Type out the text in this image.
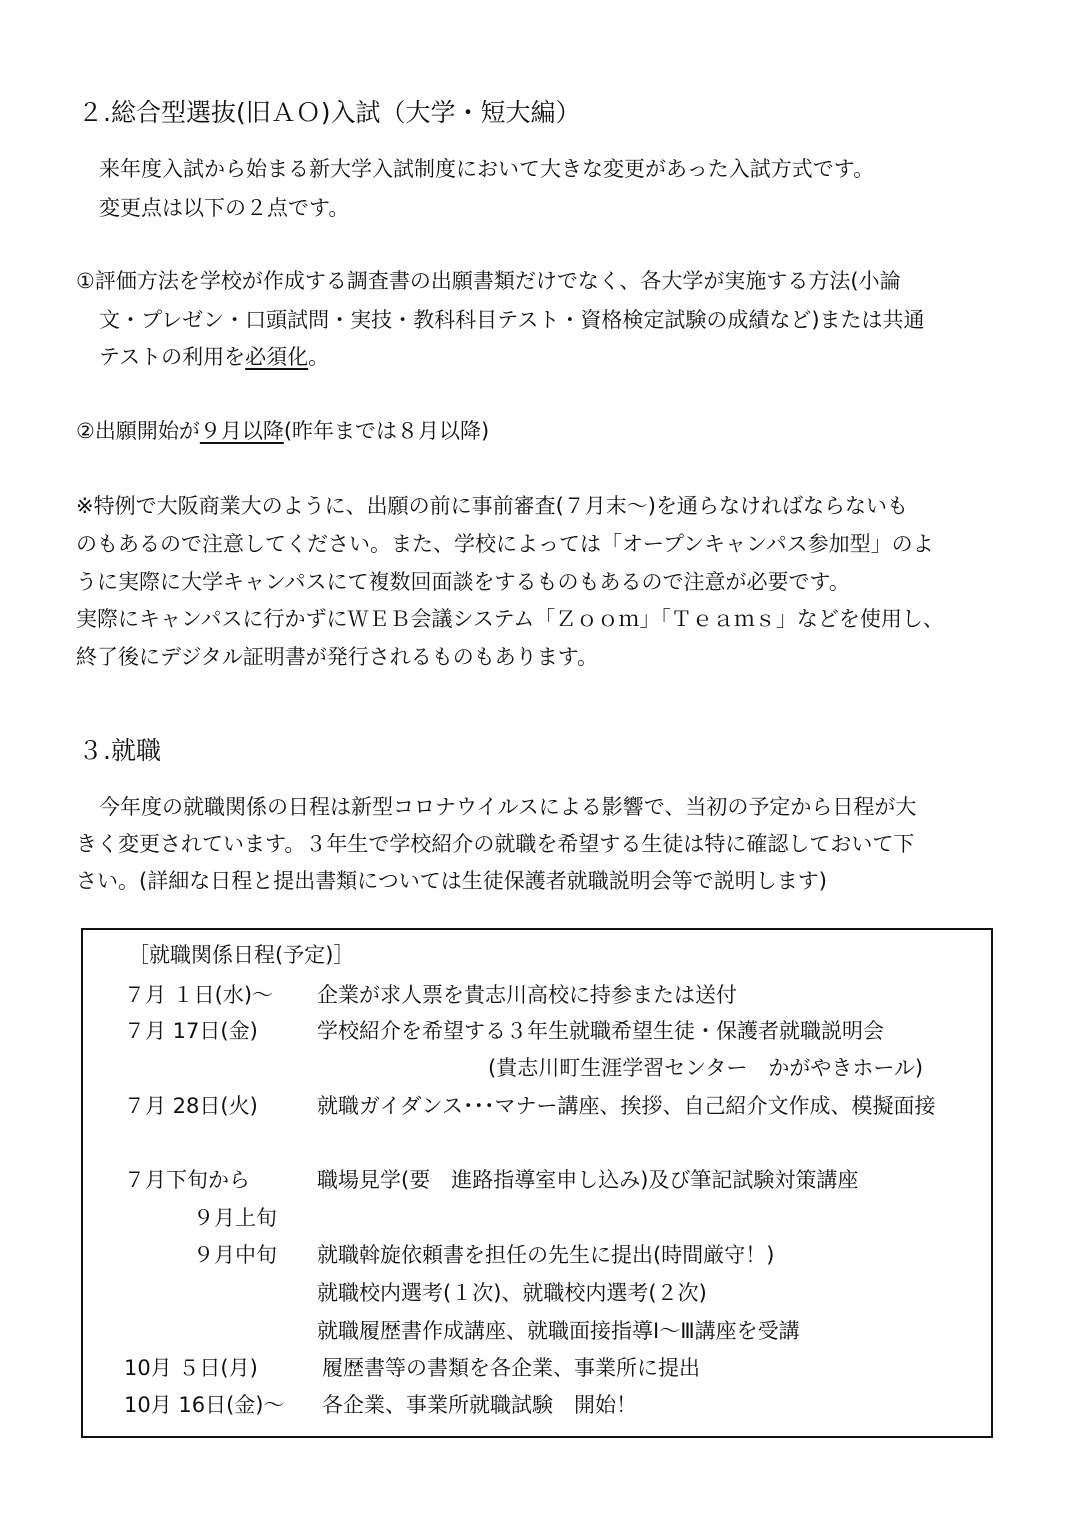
２.総合型選抜(旧ＡＯ)入試（大学・短大編）
来年度入試から始まる新大学入試制度において大きな変更があった入試方式です。
変更点は以下の２点です。
①評価方法を学校が作成する調査書の出願書類だけでなく、各大学が実施する方法(小論
文・プレゼン・口頭試問・実技・教科科目テスト・資格検定試験の成績など)または共通
テストの利用を必須化。
②出願開始が９月以降(昨年までは８月以降)
※特例で大阪商業大のように、出願の前に事前審査(７月末～)を通らなければならないも
のもあるので注意してください。また、学校によっては「オープンキャンパス参加型」のよ
うに実際に大学キャンパスにて複数回面談をするものもあるので注意が必要です。
実際にキャンパスに行かずにＷＥＢ会議システム「Ｚｏｏｍ」「Ｔｅａｍｓ」などを使用し、
終了後にデジタル証明書が発行されるものもあります。
３.就職
今年度の就職関係の日程は新型コロナウイルスによる影響で、当初の予定から日程が大
きく変更されています。３年生で学校紹介の就職を希望する生徒は特に確認しておいて下
さい。(詳細な日程と提出書類については生徒保護者就職説明会等で説明します)
［就職関係日程(予定)］
７月 １日(水)～ 企業が求人票を貴志川高校に持参または送付
７月 17日(金)	学校紹介を希望する３年生就職希望生徒・保護者就職説明会
(貴志川町生涯学習センター　かがやきホール)
７月 28日(火)	就職ガイダンス･･･マナー講座、挨拶、自己紹介文作成、模擬面接
７月下旬から	職場見学(要　進路指導室申し込み)及び筆記試験対策講座
９月上旬
９月中旬 就職斡旋依頼書を担任の先生に提出(時間厳守！)
就職校内選考(１次)、就職校内選考(２次)
就職履歴書作成講座、就職面接指導Ⅰ～Ⅲ講座を受講
10月 ５日(月)	履歴書等の書類を各企業、事業所に提出
10月 16日(金)～ 各企業、事業所就職試験　開始！
